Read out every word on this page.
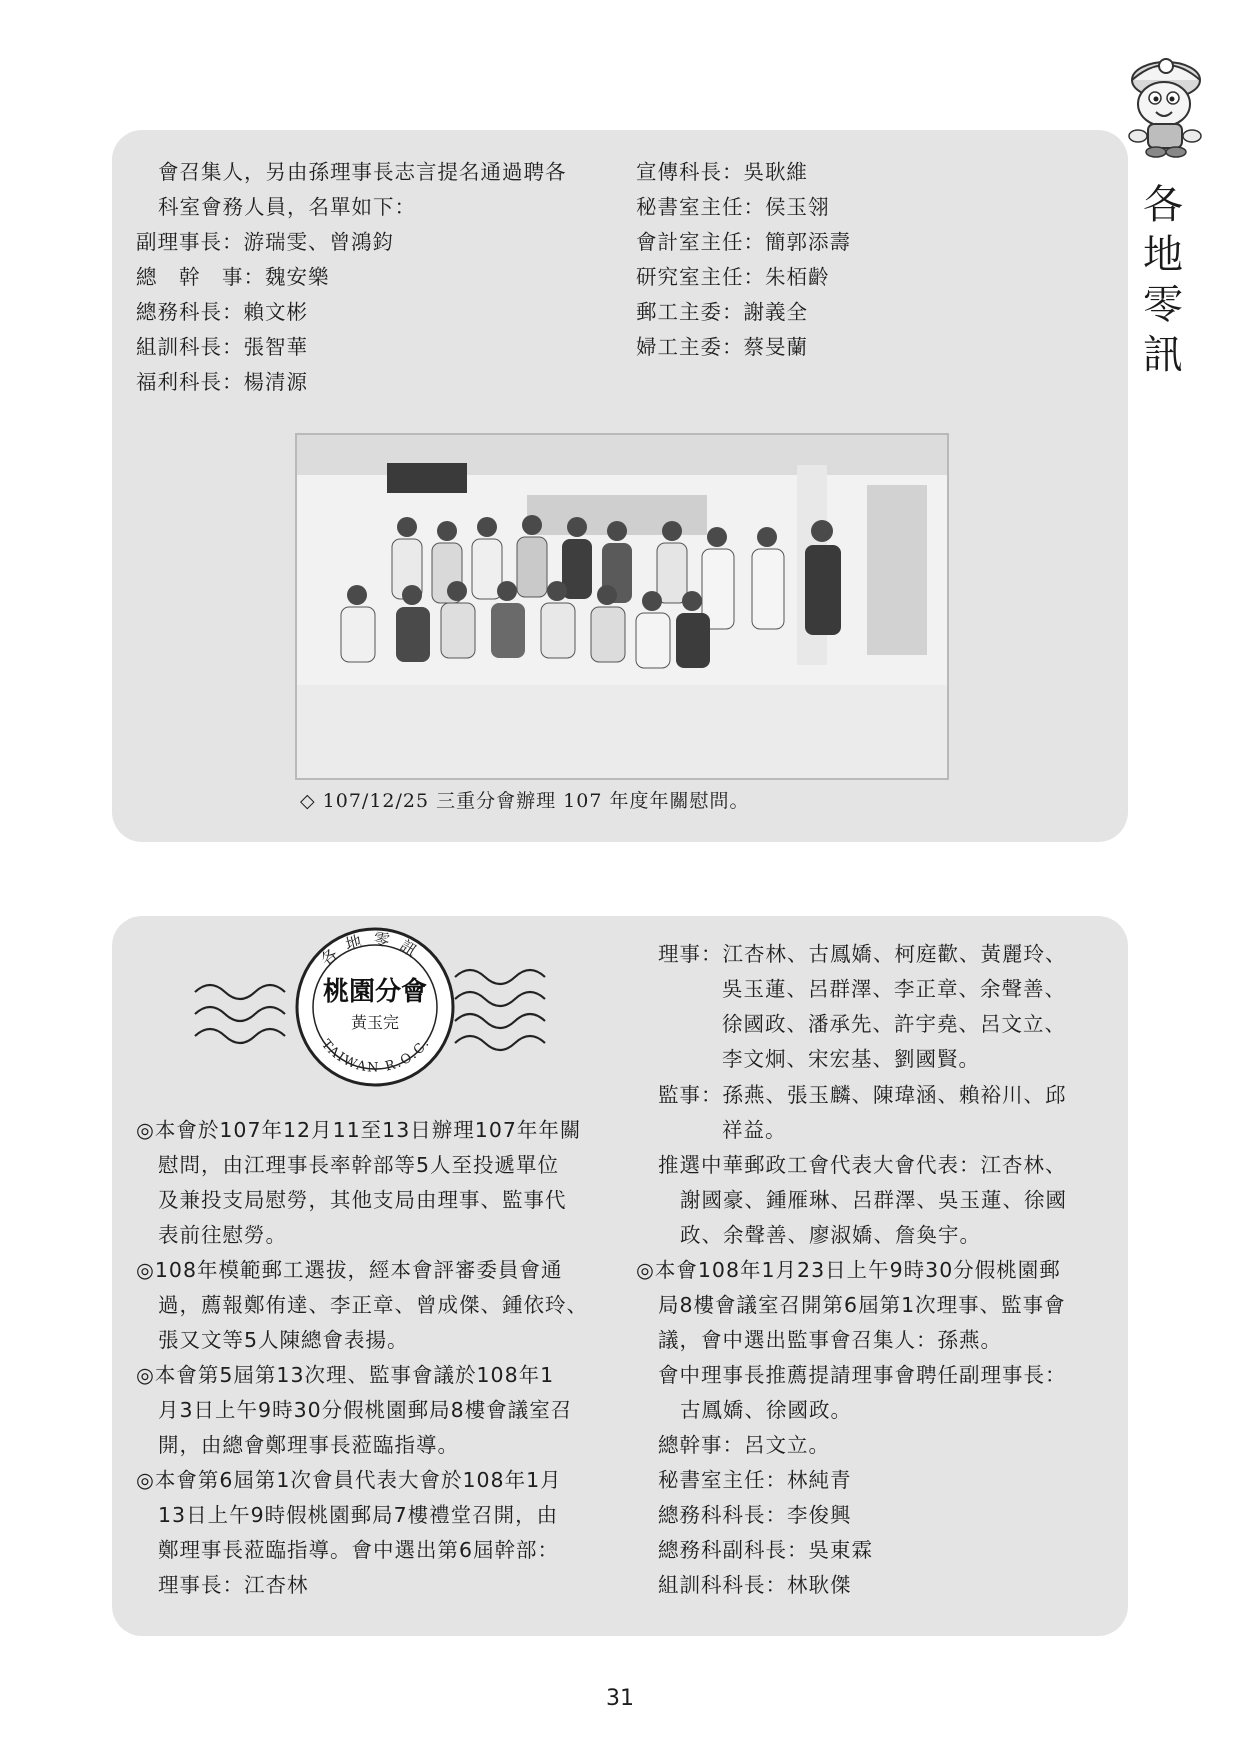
各
地
零
訊
會召集人，另由孫理事長志言提名通過聘各
科室會務人員，名單如下：
副理事長：游瑞雯、曾鴻鈞
總　幹　事：魏安樂
總務科長：賴文彬
組訓科長：張智華
福利科長：楊清源
宣傳科長：吳耿維
秘書室主任：侯玉翎
會計室主任：簡郭添壽
研究室主任：朱栢齡
郵工主委：謝義全
婦工主委：蔡旻蘭
◇ 107/12/25 三重分會辦理 107 年度年關慰問。
各地零訊
桃園分會
黃玉完
TAIWAN R.O.C.
◎本會於107年12月11至13日辦理107年年關
慰問，由江理事長率幹部等5人至投遞單位
及兼投支局慰勞，其他支局由理事、監事代
表前往慰勞。
◎108年模範郵工選拔，經本會評審委員會通
過，薦報鄭侑達、李正章、曾成傑、鍾依玲、
張又文等5人陳總會表揚。
◎本會第5屆第13次理、監事會議於108年1
月3日上午9時30分假桃園郵局8樓會議室召
開，由總會鄭理事長蒞臨指導。
◎本會第6屆第1次會員代表大會於108年1月
13日上午9時假桃園郵局7樓禮堂召開，由
鄭理事長蒞臨指導。會中選出第6屆幹部：
理事長：江杏林
理事：江杏林、古鳳嬌、柯庭歡、黃麗玲、
吳玉蓮、呂群澤、李正章、余聲善、
徐國政、潘承先、許宇堯、呂文立、
李文炯、宋宏基、劉國賢。
監事：孫燕、張玉麟、陳瑋涵、賴裕川、邱
祥益。
推選中華郵政工會代表大會代表：江杏林、
謝國豪、鍾雁琳、呂群澤、吳玉蓮、徐國
政、余聲善、廖淑嬌、詹奐宇。
◎本會108年1月23日上午9時30分假桃園郵
局8樓會議室召開第6屆第1次理事、監事會
議，會中選出監事會召集人：孫燕。
會中理事長推薦提請理事會聘任副理事長：
古鳳嬌、徐國政。
總幹事：呂文立。
秘書室主任：林純青
總務科科長：李俊興
總務科副科長：吳東霖
組訓科科長：林耿傑
31
